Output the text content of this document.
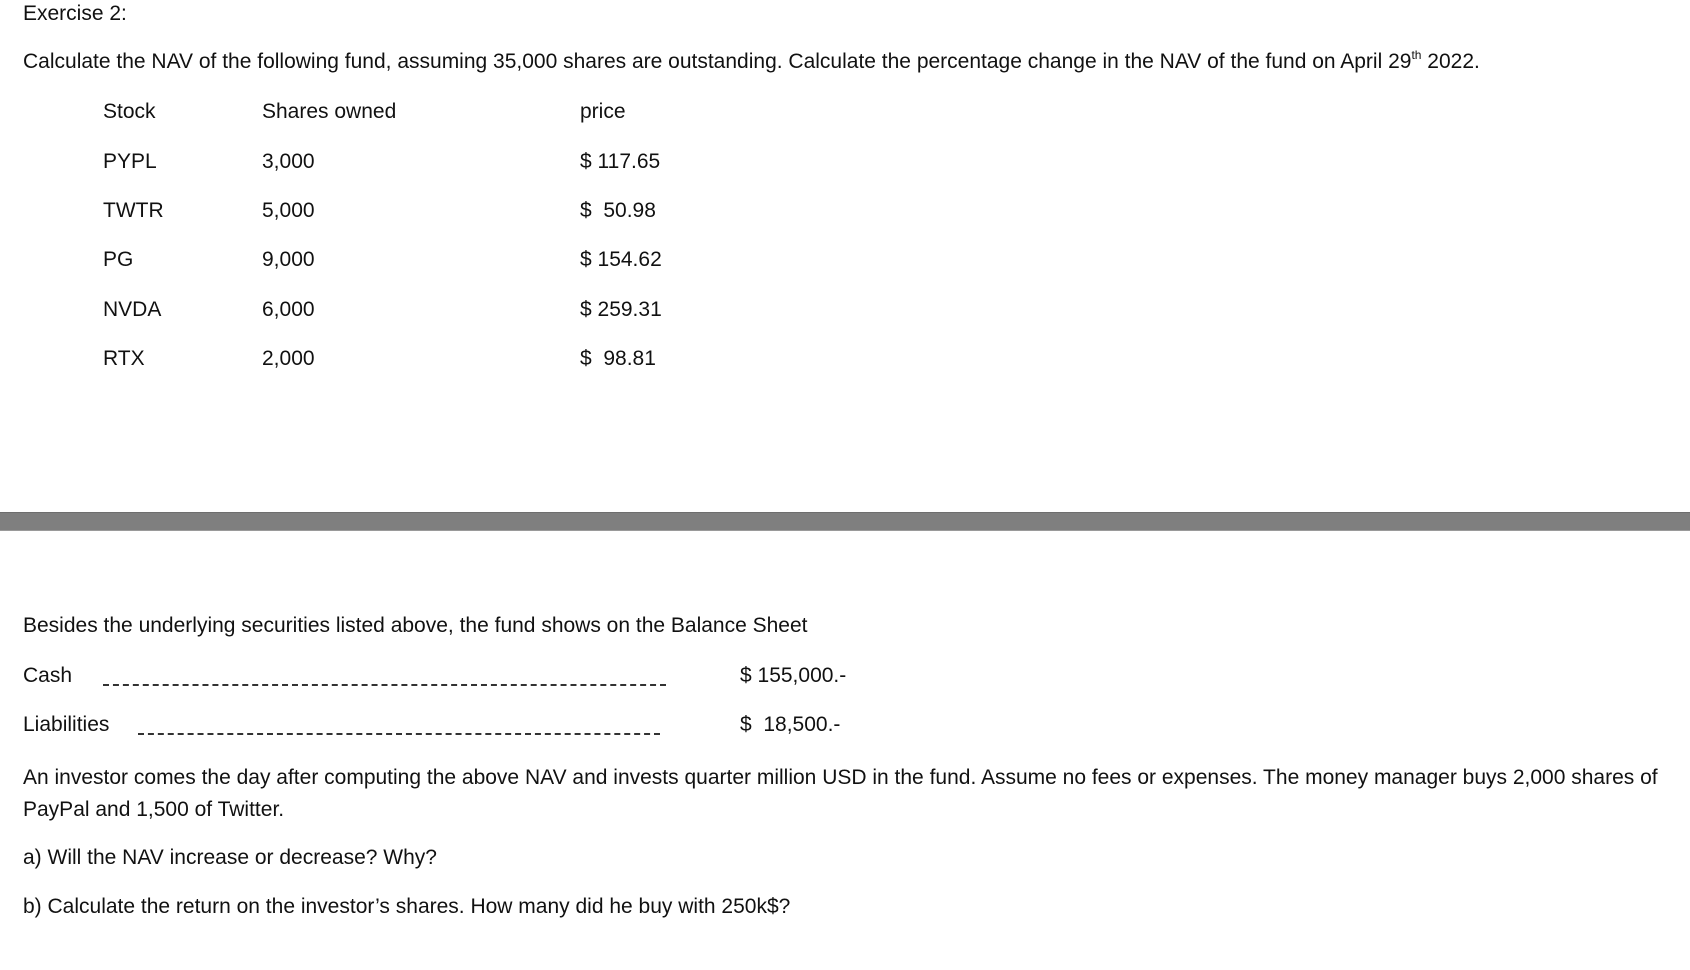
Exercise 2:
Calculate the NAV of the following fund, assuming 35,000 shares are outstanding. Calculate the percentage change in the NAV of the fund on April 29th 2022.
Stock	Shares owned	price
PYPL	3,000	$ 117.65
TWTR	5,000	$  50.98
PG	9,000	$ 154.62
NVDA	6,000	$ 259.31
RTX	2,000	$  98.81
Besides the underlying securities listed above, the fund shows on the Balance Sheet
Cash	$ 155,000.-
Liabilities	$  18,500.-
An investor comes the day after computing the above NAV and invests quarter million USD in the fund. Assume no fees or expenses. The money manager buys 2,000 shares of PayPal and 1,500 of Twitter.
a) Will the NAV increase or decrease? Why?
b) Calculate the return on the investor’s shares. How many did he buy with 250k$?
